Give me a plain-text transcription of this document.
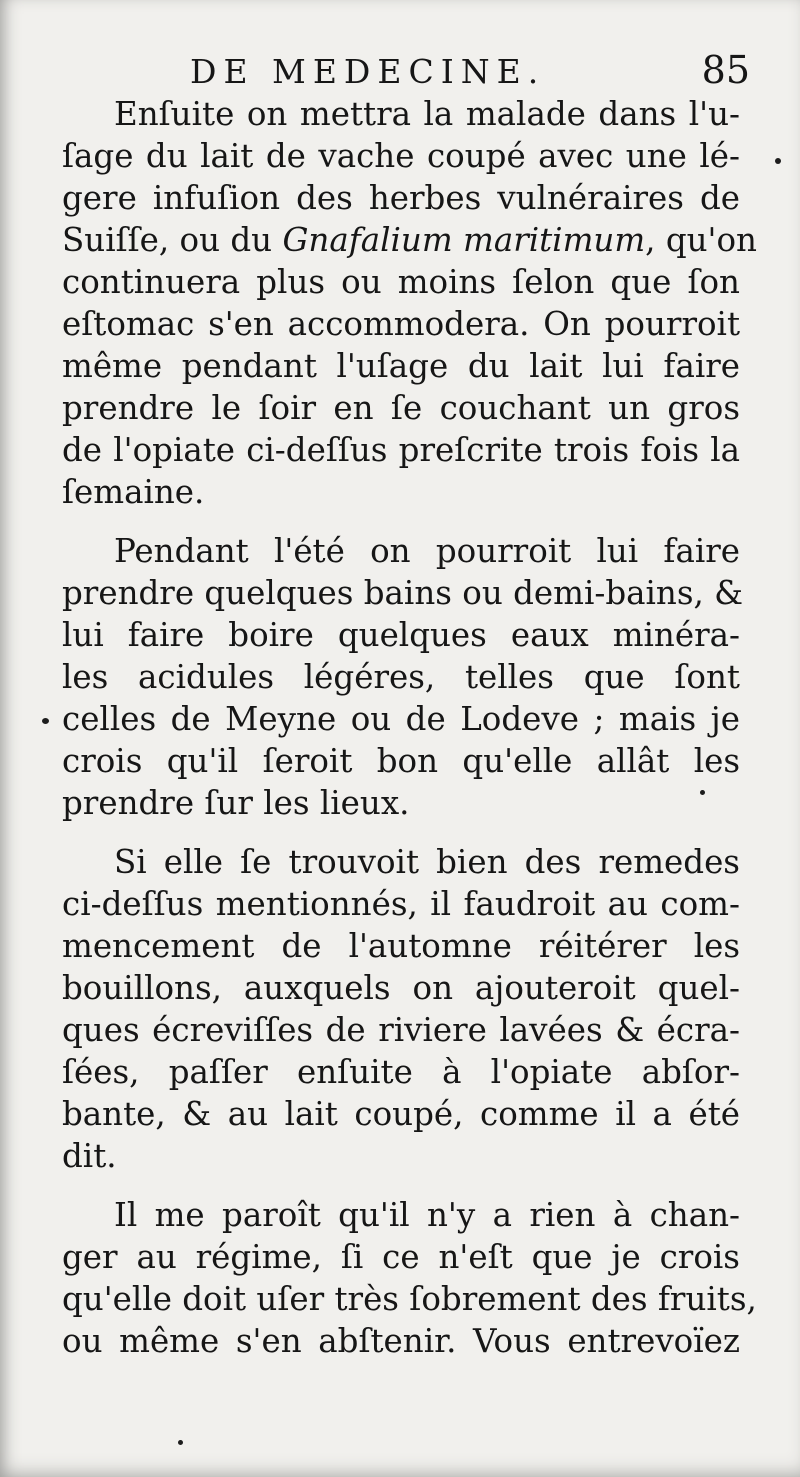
DE MEDECINE.	85
Enſuite on mettra la malade dans l'u-
ſage du lait de vache coupé avec une lé-
gere infuſion des herbes vulnéraires de
Suiſſe, ou du Gnafalium maritimum, qu'on
continuera plus ou moins ſelon que ſon
eſtomac s'en accommodera. On pourroit
même pendant l'uſage du lait lui faire
prendre le ſoir en ſe couchant un gros
de l'opiate ci-deſſus preſcrite trois fois la
ſemaine.
Pendant l'été on pourroit lui faire
prendre quelques bains ou demi-bains, &
lui faire boire quelques eaux minéra-
les acidules légéres, telles que ſont
celles de Meyne ou de Lodeve ; mais je
crois qu'il ſeroit bon qu'elle allât les
prendre ſur les lieux.
Si elle ſe trouvoit bien des remedes
ci-deſſus mentionnés, il faudroit au com-
mencement de l'automne réitérer les
bouillons, auxquels on ajouteroit quel-
ques écreviſſes de riviere lavées & écra-
ſées, paſſer enſuite à l'opiate abſor-
bante, & au lait coupé, comme il a été
dit.
Il me paroît qu'il n'y a rien à chan-
ger au régime, ſi ce n'eſt que je crois
qu'elle doit uſer très ſobrement des fruits,
ou même s'en abſtenir. Vous entrevoïez
